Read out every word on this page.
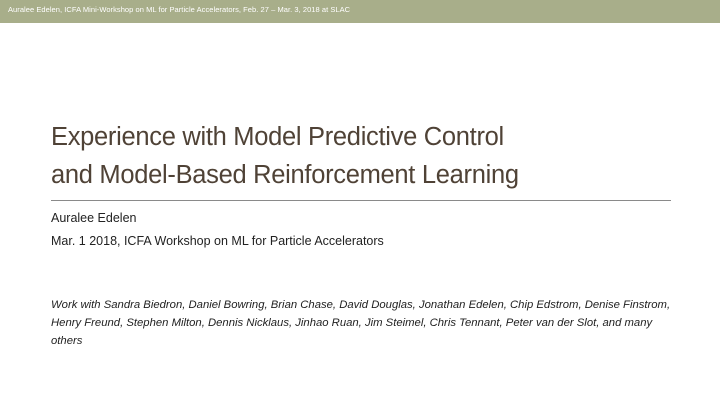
Auralee Edelen, ICFA Mini-Workshop on ML for Particle Accelerators, Feb. 27 – Mar. 3, 2018 at SLAC
Experience with Model Predictive Control
and Model-Based Reinforcement Learning
Auralee Edelen
Mar. 1 2018, ICFA Workshop on ML for Particle Accelerators

Work with Sandra Biedron, Daniel Bowring, Brian Chase, David Douglas, Jonathan Edelen, Chip Edstrom, Denise Finstrom, Henry Freund, Stephen Milton, Dennis Nicklaus, Jinhao Ruan, Jim Steimel, Chris Tennant, Peter van der Slot, and many others
